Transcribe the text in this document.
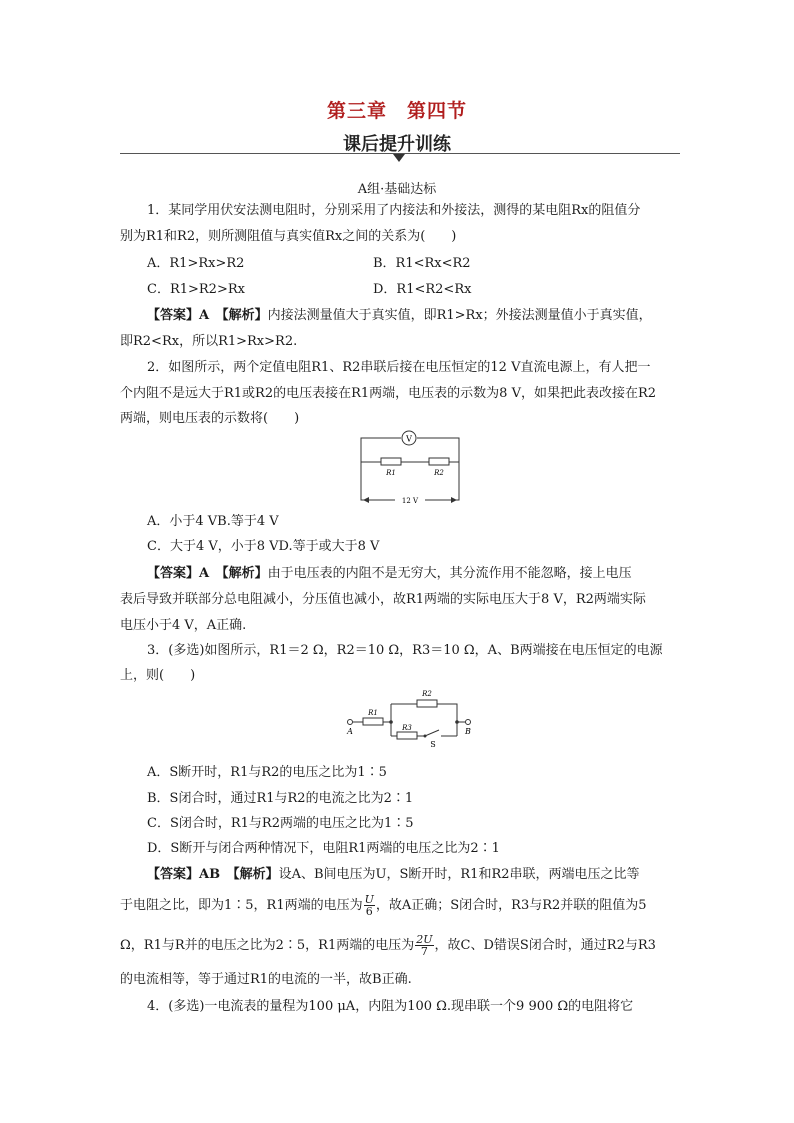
第三章　第四节
课后提升训练
A组·基础达标
1．某同学用伏安法测电阻时，分别采用了内接法和外接法，测得的某电阻Rx的阻值分
别为R1和R2，则所测阻值与真实值Rx之间的关系为(　　)
A．R1>Rx>R2	B．R1<Rx<R2
C．R1>R2>Rx	D．R1<R2<Rx
【答案】A　【解析】内接法测量值大于真实值，即R1>Rx；外接法测量值小于真实值，
即R2<Rx，所以R1>Rx>R2.
2．如图所示，两个定值电阻R1、R2串联后接在电压恒定的12 V直流电源上，有人把一
个内阻不是远大于R1或R2的电压表接在R1两端，电压表的示数为8 V，如果把此表改接在R2
两端，则电压表的示数将(　　)
V
R1	R2
12 V
A．小于4 VB.等于4 V
C．大于4 V，小于8 VD.等于或大于8 V
【答案】A　【解析】由于电压表的内阻不是无穷大，其分流作用不能忽略，接上电压
表后导致并联部分总电阻减小，分压值也减小，故R1两端的实际电压大于8 V，R2两端实际
电压小于4 V，A正确.
3．(多选)如图所示，R1＝2 Ω，R2＝10 Ω，R3＝10 Ω，A、B两端接在电压恒定的电源
上，则(　　)
R1
R2
R3
A	B
S
A．S断开时，R1与R2的电压之比为1∶5
B．S闭合时，通过R1与R2的电流之比为2∶1
C．S闭合时，R1与R2两端的电压之比为1∶5
D．S断开与闭合两种情况下，电阻R1两端的电压之比为2∶1
【答案】AB　【解析】设A、B间电压为U，S断开时，R1和R2串联，两端电压之比等
于电阻之比，即为1∶5，R1两端的电压为 $\frac{U}{6}$ ，故A正确；S闭合时，R3与R2并联的阻值为5
Ω，R1与R并的电压之比为2∶5，R1两端的电压为 $\frac{2U}{7}$ ，故C、D错误S闭合时，通过R2与R3
的电流相等，等于通过R1的电流的一半，故B正确.
4．(多选)一电流表的量程为100 μA，内阻为100 Ω.现串联一个9 900 Ω的电阻将它
